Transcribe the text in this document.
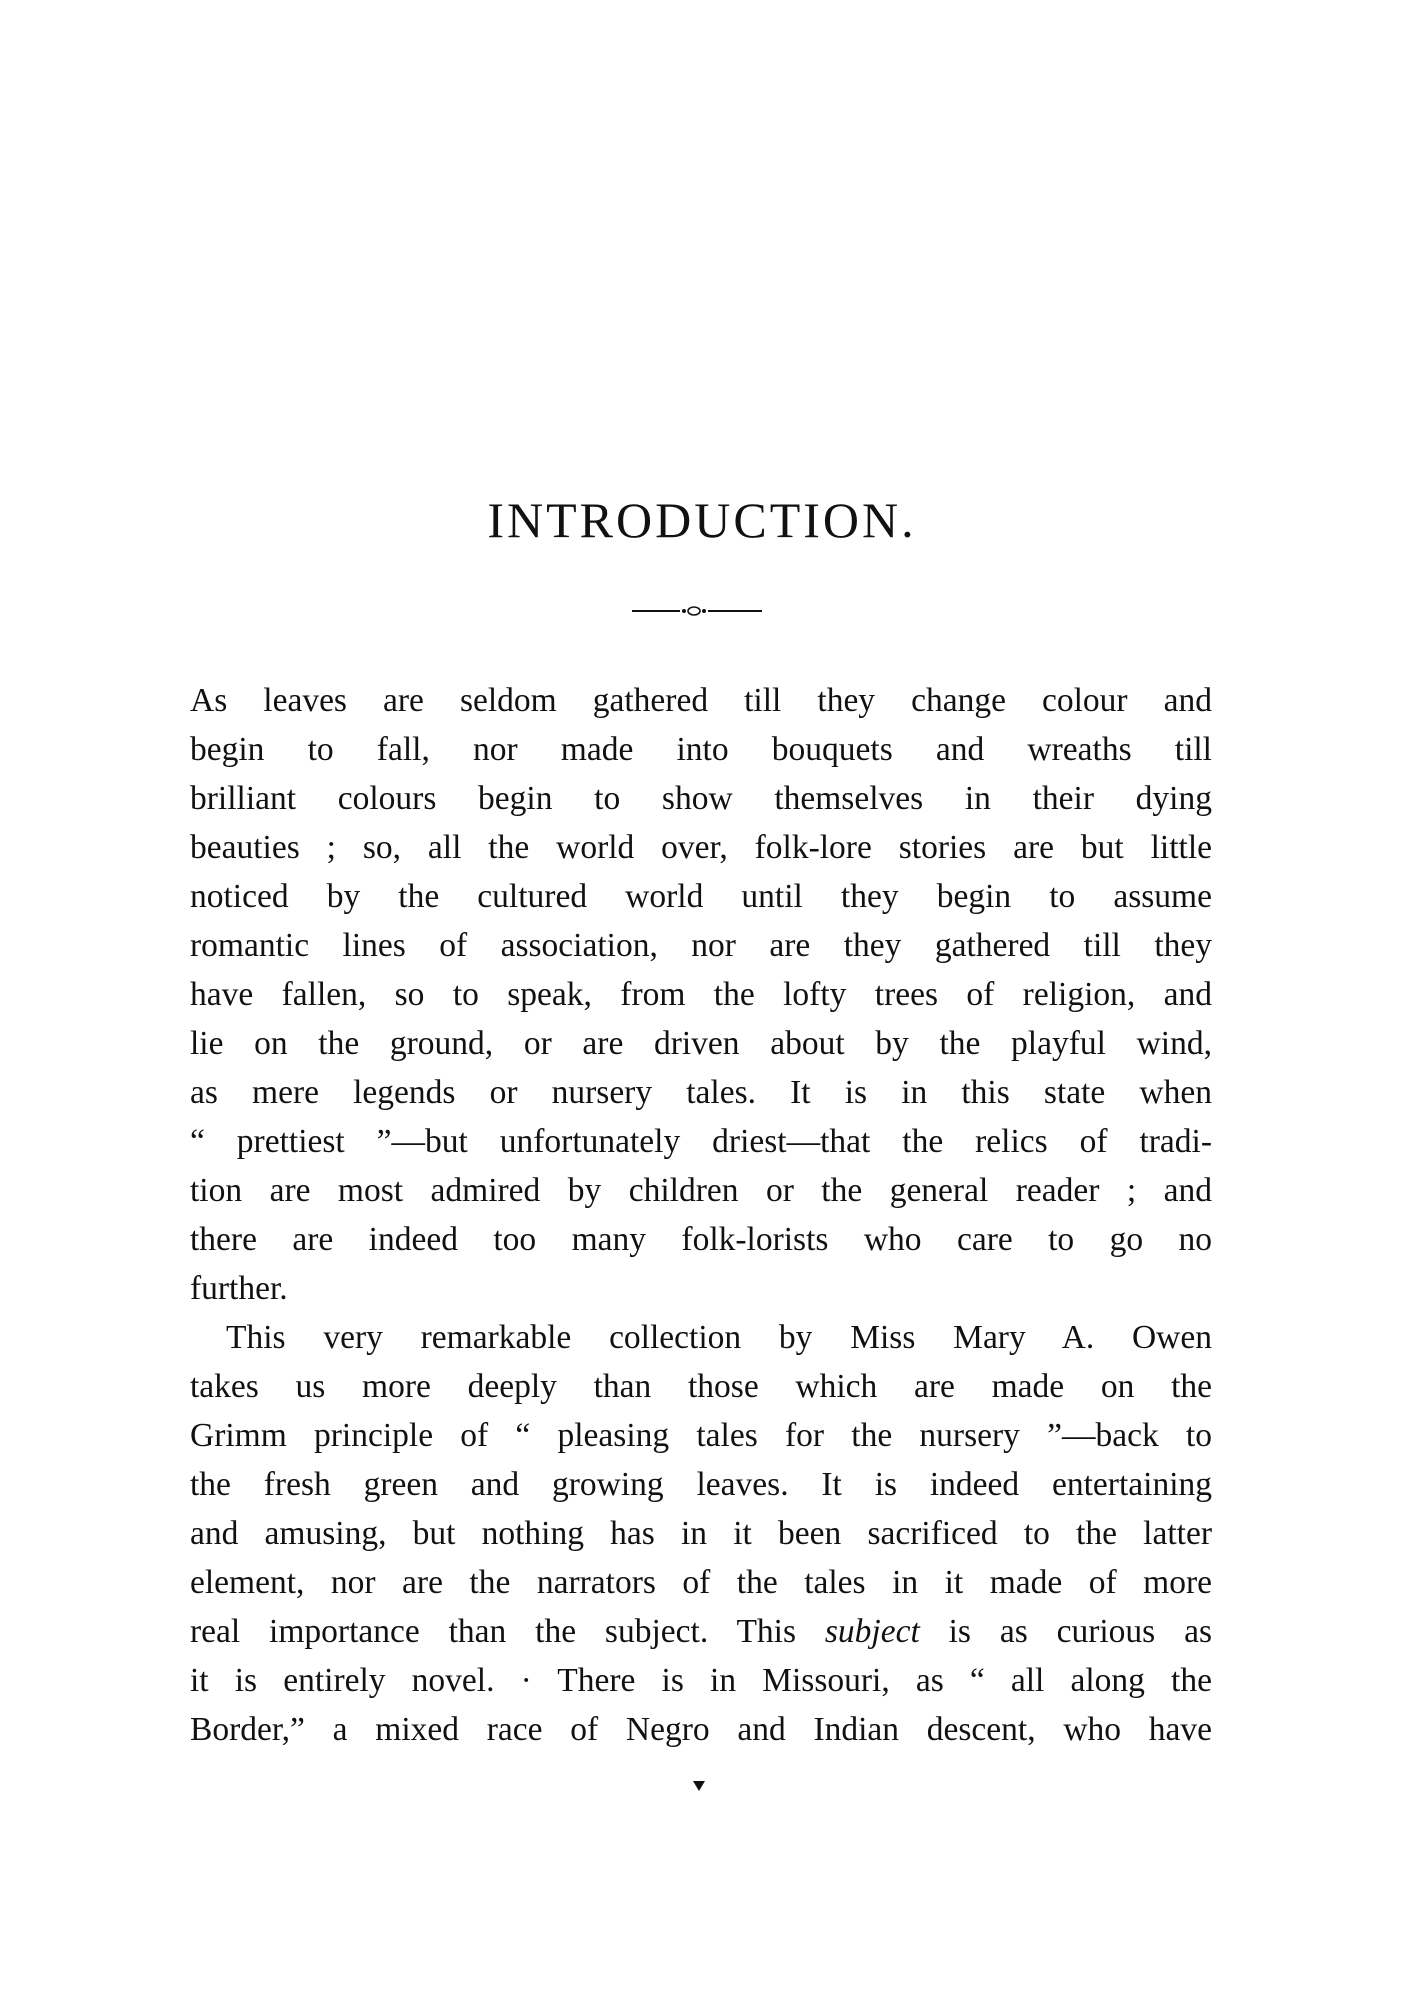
INTRODUCTION.
As leaves are seldom gathered till they change colour and
begin to fall, nor made into bouquets and wreaths till
brilliant colours begin to show themselves in their dying
beauties ; so, all the world over, folk-lore stories are but little
noticed by the cultured world until they begin to assume
romantic lines of association, nor are they gathered till they
have fallen, so to speak, from the lofty trees of religion, and
lie on the ground, or are driven about by the playful wind,
as mere legends or nursery tales. It is in this state when
“ prettiest ”—but unfortunately driest—that the relics of tradi-
tion are most admired by children or the general reader ; and
there are indeed too many folk-lorists who care to go no
further.
This very remarkable collection by Miss Mary A. Owen
takes us more deeply than those which are made on the
Grimm principle of “ pleasing tales for the nursery ”—back to
the fresh green and growing leaves. It is indeed entertaining
and amusing, but nothing has in it been sacrificed to the latter
element, nor are the narrators of the tales in it made of more
real importance than the subject. This subject is as curious as
it is entirely novel. · There is in Missouri, as “ all along the
Border,” a mixed race of Negro and Indian descent, who have
